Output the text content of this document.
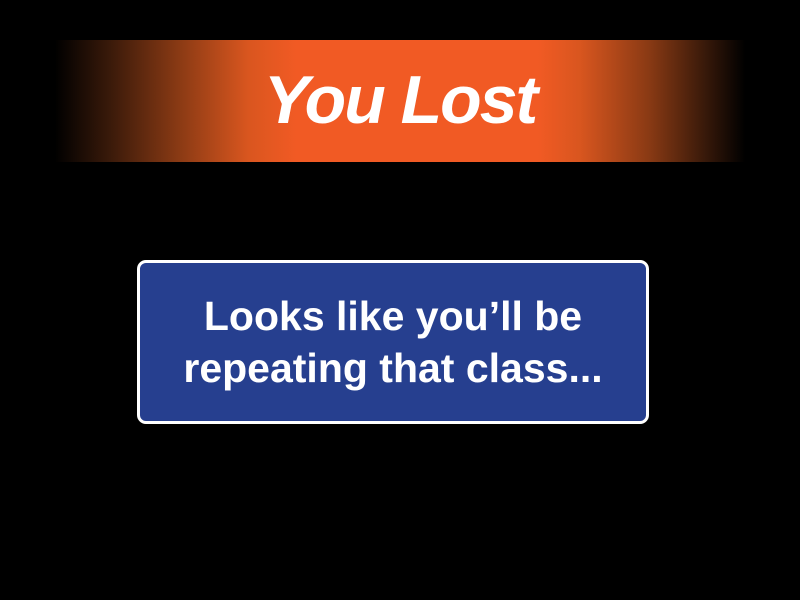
You Lost

Looks like you’ll be
repeating that class...
